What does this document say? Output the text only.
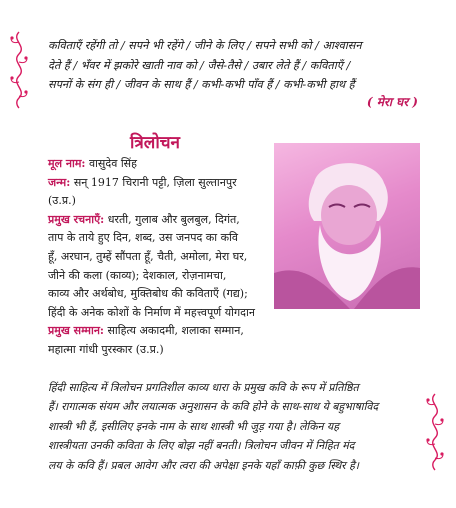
कविताएँ रहेंगी तो / सपने भी रहेंगे / जीने के लिए / सपने सभी को / आश्वासन
देते हैं / भँवर में झकोरे खाती नाव को / जैसे-तैसे / उबार लेते हैं / कविताएँ /
सपनों के संग ही / जीवन के साथ हैं / कभी-कभी पाँव हैं / कभी-कभी हाथ हैं
( मेरा घर )
त्रिलोचन
मूल नाम: वासुदेव सिंह
जन्म: सन् 1917 चिरानी पट्टी, ज़िला सुल्तानपुर
(उ.प्र.)
प्रमुख रचनाएँ: धरती, गुलाब और बुलबुल, दिगंत,
ताप के ताये हुए दिन, शब्द, उस जनपद का कवि
हूँ, अरघान, तुम्हें सौंपता हूँ, चैती, अमोला, मेरा घर,
जीने की कला (काव्य); देशकाल, रोज़नामचा,
काव्य और अर्थबोध, मुक्तिबोध की कविताएँ (गद्य);
हिंदी के अनेक कोशों के निर्माण में महत्त्वपूर्ण योगदान
प्रमुख सम्मान: साहित्य अकादमी, शलाका सम्मान,
महात्मा गांधी पुरस्कार (उ.प्र.)
हिंदी साहित्य में त्रिलोचन प्रगतिशील काव्य धारा के प्रमुख कवि के रूप में प्रतिष्ठित
हैं। रागात्मक संयम और लयात्मक अनुशासन के कवि होने के साथ-साथ ये बहुभाषाविद
शास्त्री भी हैं, इसीलिए इनके नाम के साथ शास्त्री भी जुड़ गया है। लेकिन यह
शास्त्रीयता उनकी कविता के लिए बोझ नहीं बनती। त्रिलोचन जीवन में निहित मंद
लय के कवि हैं। प्रबल आवेग और त्वरा की अपेक्षा इनके यहाँ काफ़ी कुछ स्थिर है।
